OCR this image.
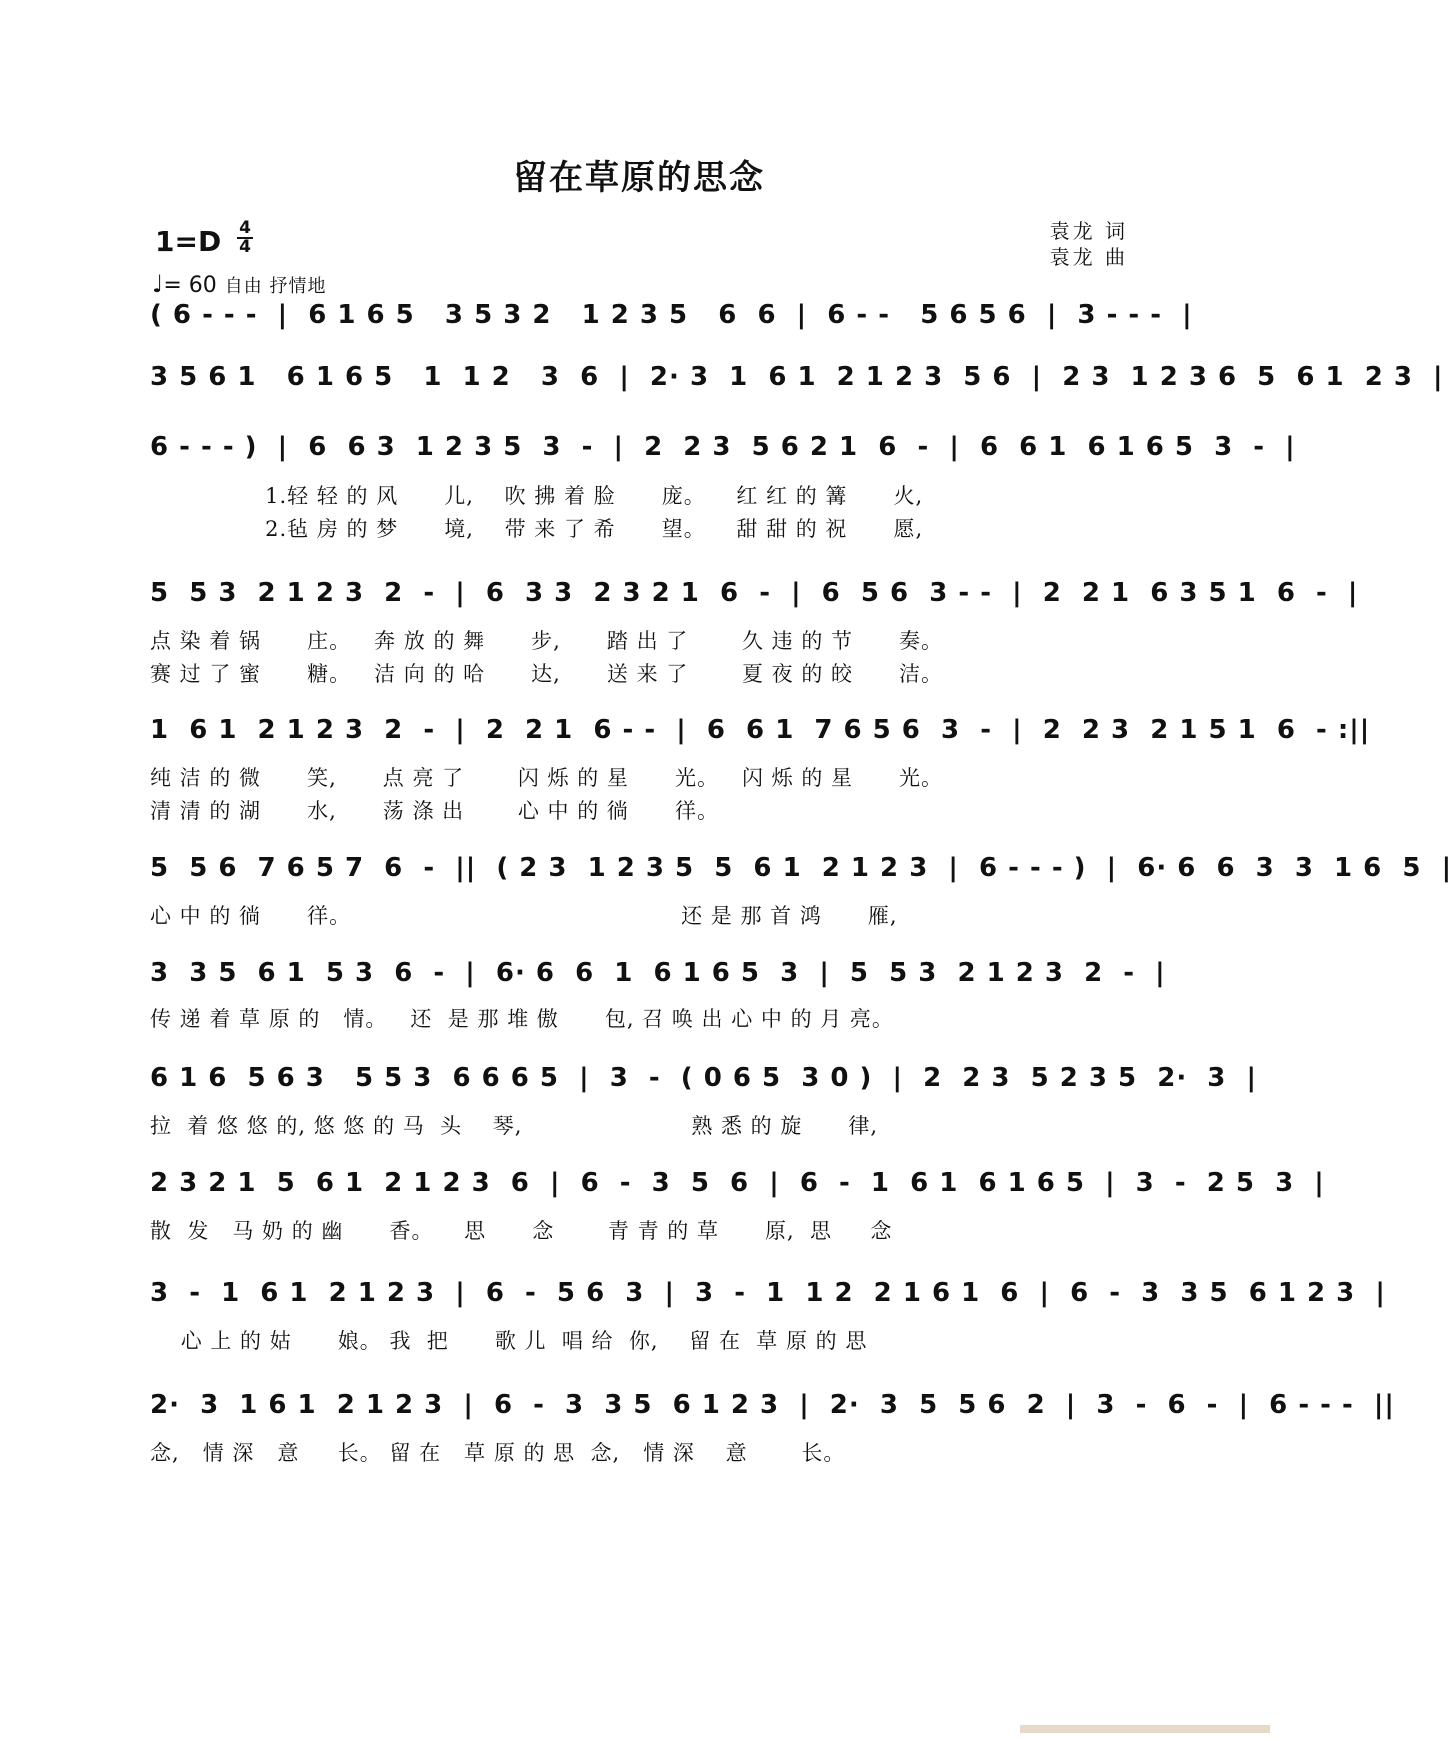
留在草原的思念
袁龙 词
袁龙 曲
1=D 4
4
♩= 60 自由 抒情地
( 6 - - -  |  6 1 6 5   3 5 3 2   1 2 3 5   6  6  |  6 - -   5 6 5 6  |  3 - - -  |
3 5 6 1   6 1 6 5   1  1 2   3  6  |  2· 3  1  6 1  2 1 2 3  5 6  |  2 3  1 2 3 6  5  6 1  2 3  |
6 - - - )  |  6  6 3  1 2 3 5  3  -  |  2  2 3  5 6 2 1  6  -  |  6  6 1  6 1 6 5  3  -  |
1.轻 轻 的 风      儿,    吹 拂 着 脸      庞。    红 红 的 篝      火,
2.毡 房 的 梦      境,    带 来 了 希      望。    甜 甜 的 祝      愿,
5  5 3  2 1 2 3  2  -  |  6  3 3  2 3 2 1  6  -  |  6  5 6  3 - -  |  2  2 1  6 3 5 1  6  -  |
点 染 着 锅      庄。   奔 放 的 舞      步,      踏 出 了       久 违 的 节      奏。
赛 过 了 蜜      糖。   洁 向 的 哈      达,      送 来 了       夏 夜 的 皎      洁。
1  6 1  2 1 2 3  2  -  |  2  2 1  6 - -  |  6  6 1  7 6 5 6  3  -  |  2  2 3  2 1 5 1  6  - :||
纯 洁 的 微      笑,      点 亮 了       闪 烁 的 星      光。   闪 烁 的 星      光。
清 清 的 湖      水,      荡 涤 出       心 中 的 徜      徉。
5  5 6  7 6 5 7  6  -  ||  ( 2 3  1 2 3 5  5  6 1  2 1 2 3  |  6 - - - )  |  6· 6  6  3  3  1 6  5  |
心 中 的 徜      徉。                                           还 是 那 首 鸿      雁,
3  3 5  6 1  5 3  6  -  |  6· 6  6  1  6 1 6 5  3  |  5  5 3  2 1 2 3  2  -  |
传 递 着 草 原 的   情。   还  是 那 堆 傲      包, 召 唤 出 心 中 的 月 亮。
6 1 6  5 6 3   5 5 3  6 6 6 5  |  3  -  ( 0 6 5  3 0 )  |  2  2 3  5 2 3 5  2·  3  |
拉  着 悠 悠 的, 悠 悠 的 马  头    琴,                      熟 悉 的 旋      律,
2 3 2 1  5  6 1  2 1 2 3  6  |  6  -  3  5  6  |  6  -  1  6 1  6 1 6 5  |  3  -  2 5  3  |
散  发   马 奶 的 幽      香。    思      念       青 青 的 草      原,  思     念
3  -  1  6 1  2 1 2 3  |  6  -  5 6  3  |  3  -  1  1 2  2 1 6 1  6  |  6  -  3  3 5  6 1 2 3  |
心 上 的 姑      娘。 我  把      歌 儿  唱 给  你,    留 在  草 原 的 思
2·  3  1 6 1  2 1 2 3  |  6  -  3  3 5  6 1 2 3  |  2·  3  5  5 6  2  |  3  -  6  -  |  6 - - -  ||
念,   情 深   意     长。 留 在   草 原 的 思  念,   情 深    意       长。
